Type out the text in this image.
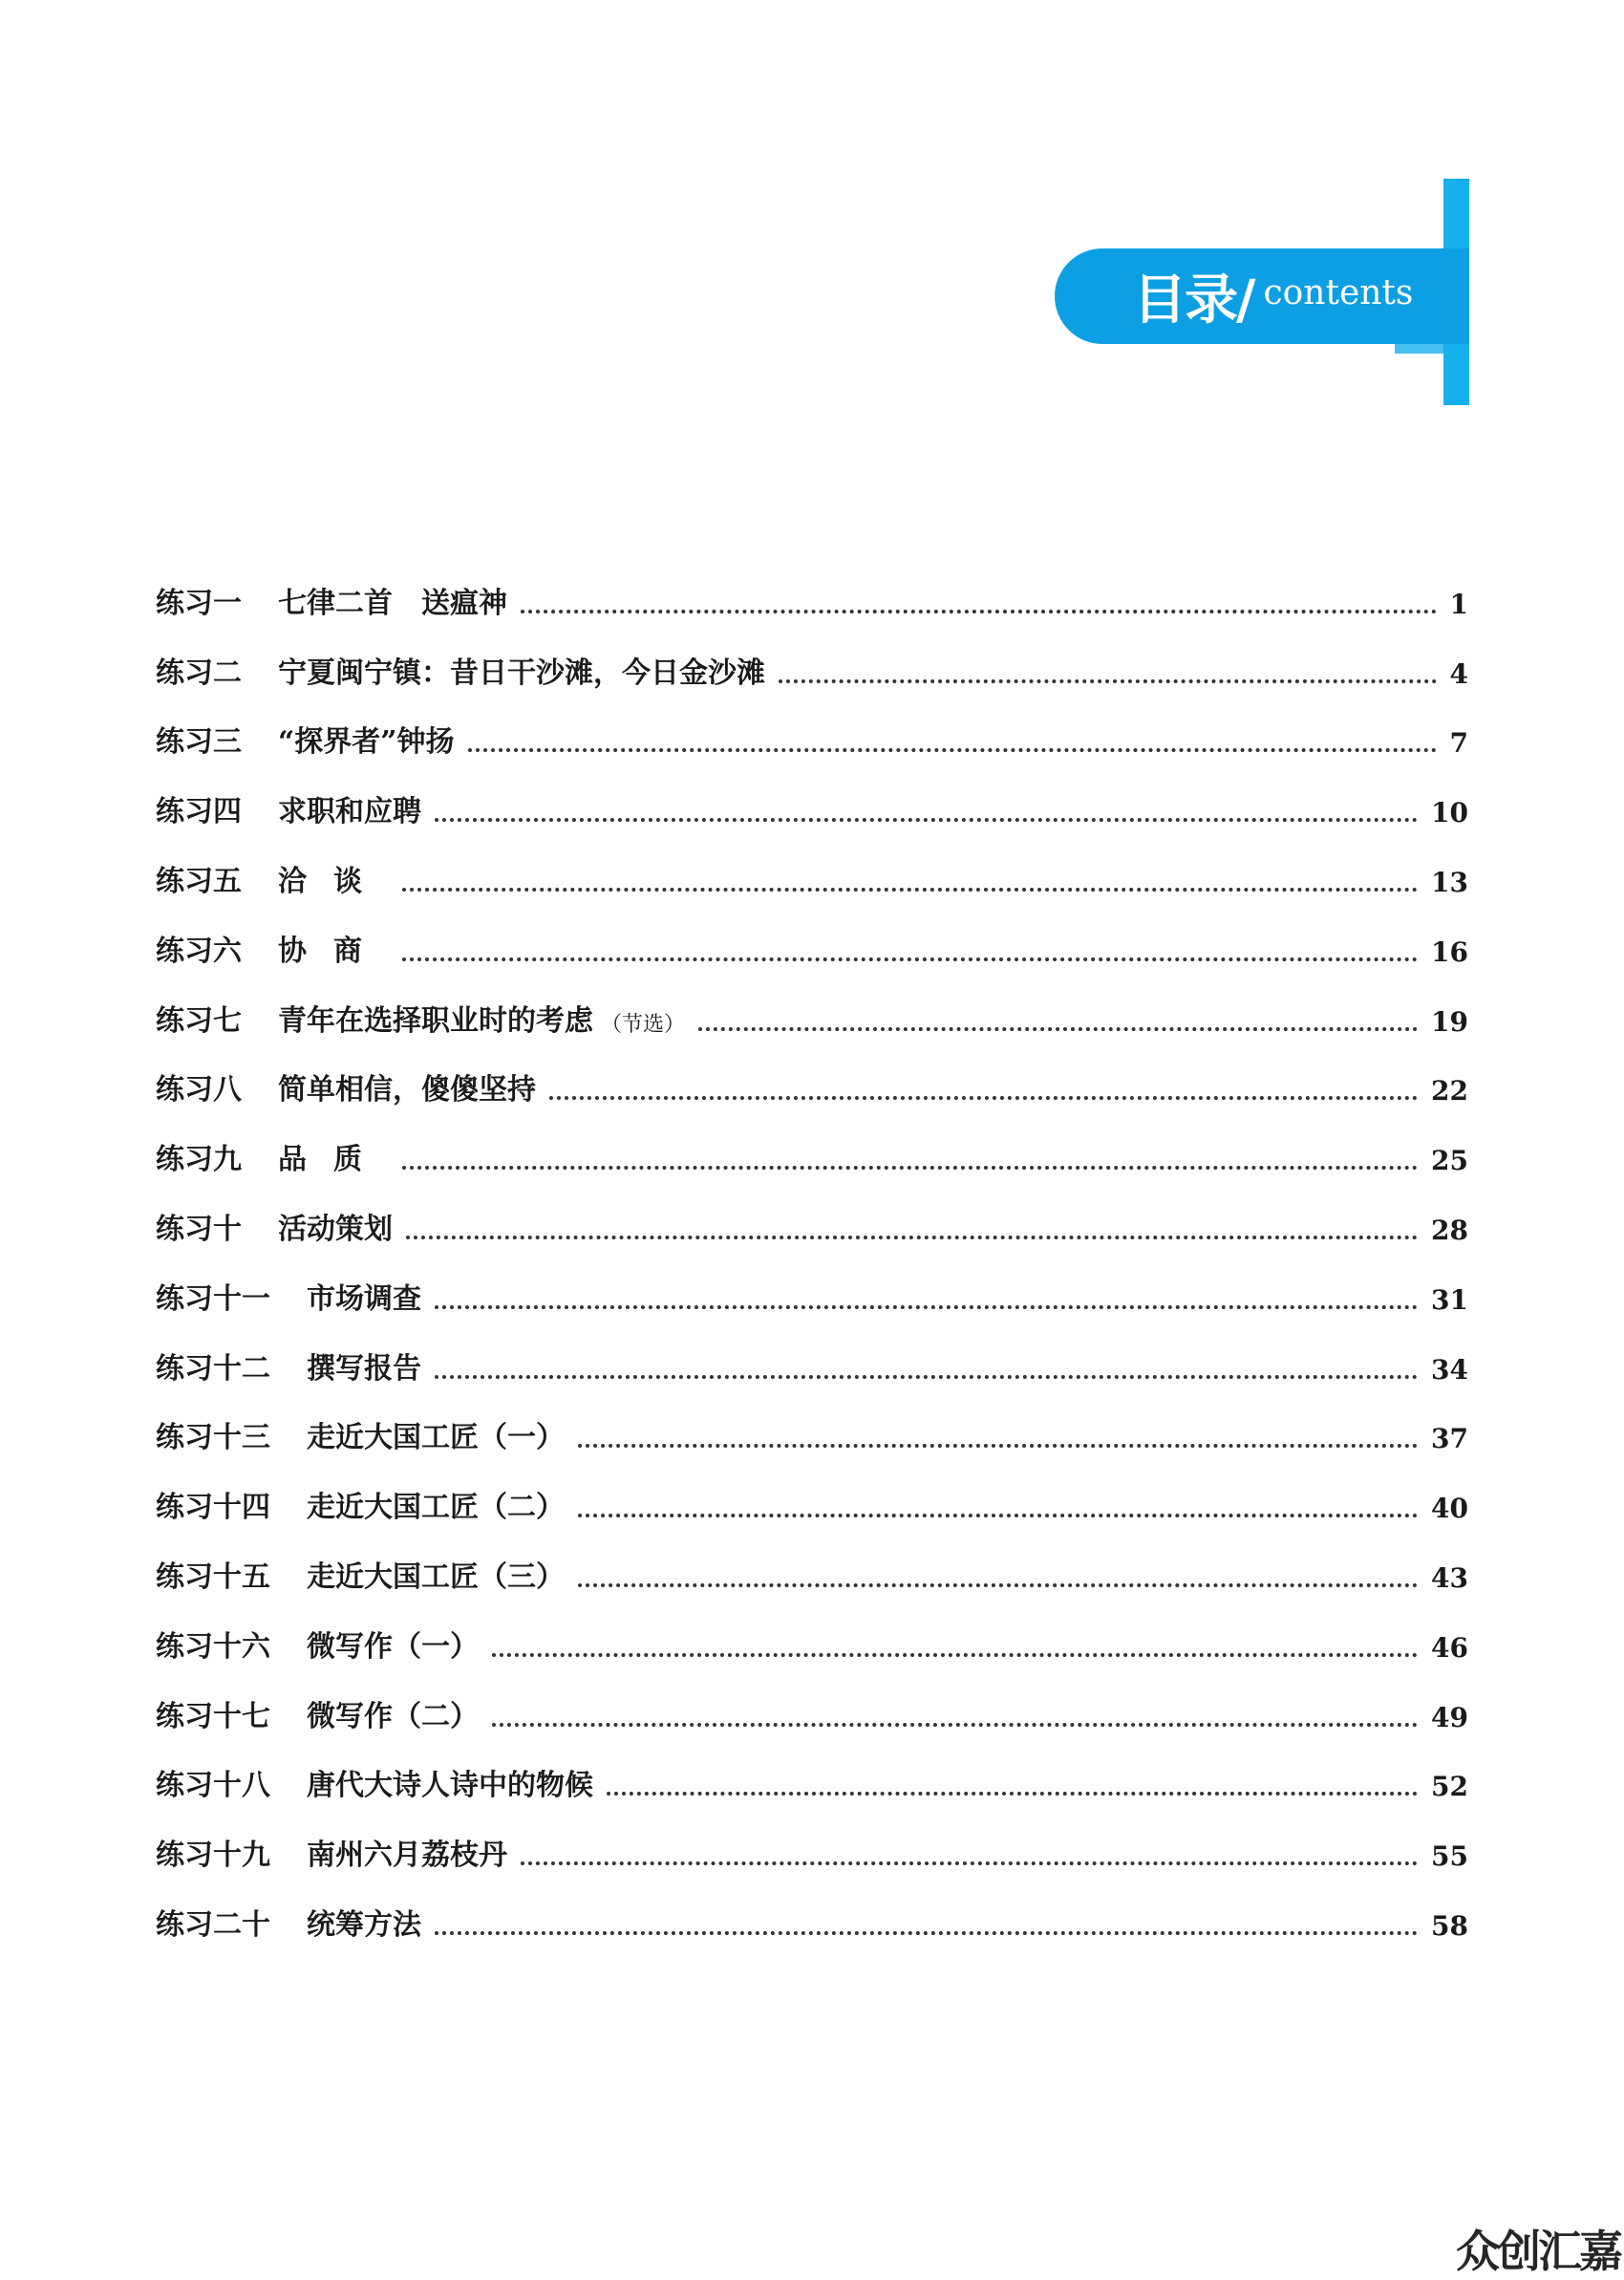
目录/ contents
练习一 七律二首　送瘟神	1
练习二 宁夏闽宁镇：昔日干沙滩，今日金沙滩	4
练习三 “探界者”钟扬	7
练习四 求职和应聘	10
练习五 洽谈	13
练习六 协商	16
练习七 青年在选择职业时的考虑 （节选）	19
练习八 简单相信，傻傻坚持	22
练习九 品质	25
练习十 活动策划	28
练习十一 市场调查	31
练习十二 撰写报告	34
练习十三 走近大国工匠（一）	37
练习十四 走近大国工匠（二）	40
练习十五 走近大国工匠（三）	43
练习十六 微写作（一）	46
练习十七 微写作（二）	49
练习十八 唐代大诗人诗中的物候	52
练习十九 南州六月荔枝丹	55
练习二十 统筹方法	58
众创汇嘉
